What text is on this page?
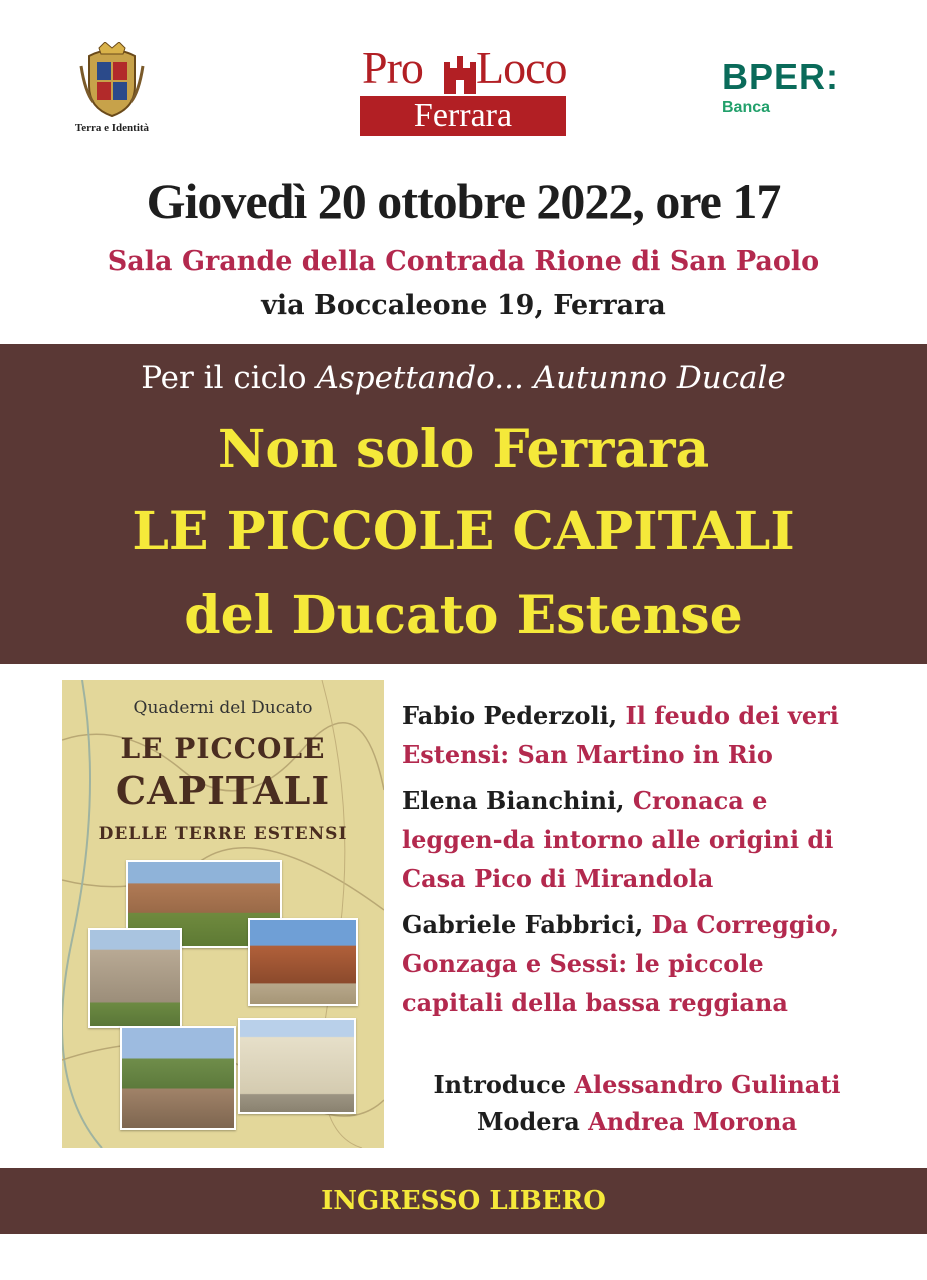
Terra e Identità
Pro Loco
Ferrara
BPER:
Banca
Giovedì 20 ottobre 2022, ore 17
Sala Grande della Contrada Rione di San Paolo
via Boccaleone 19, Ferrara
Per il ciclo Aspettando... Autunno Ducale
Non solo Ferrara
LE PICCOLE CAPITALI
del Ducato Estense
Quaderni del Ducato
LE PICCOLE
CAPITALI
DELLE TERRE ESTENSI
Fabio Pederzoli, Il feudo dei veri Estensi: San Martino in Rio
Elena Bianchini, Cronaca e leggen-da intorno alle origini di Casa Pico di Mirandola
Gabriele Fabbrici, Da Correggio, Gonzaga e Sessi: le piccole capitali della bassa reggiana
Introduce Alessandro Gulinati
Modera Andrea Morona
INGRESSO LIBERO
